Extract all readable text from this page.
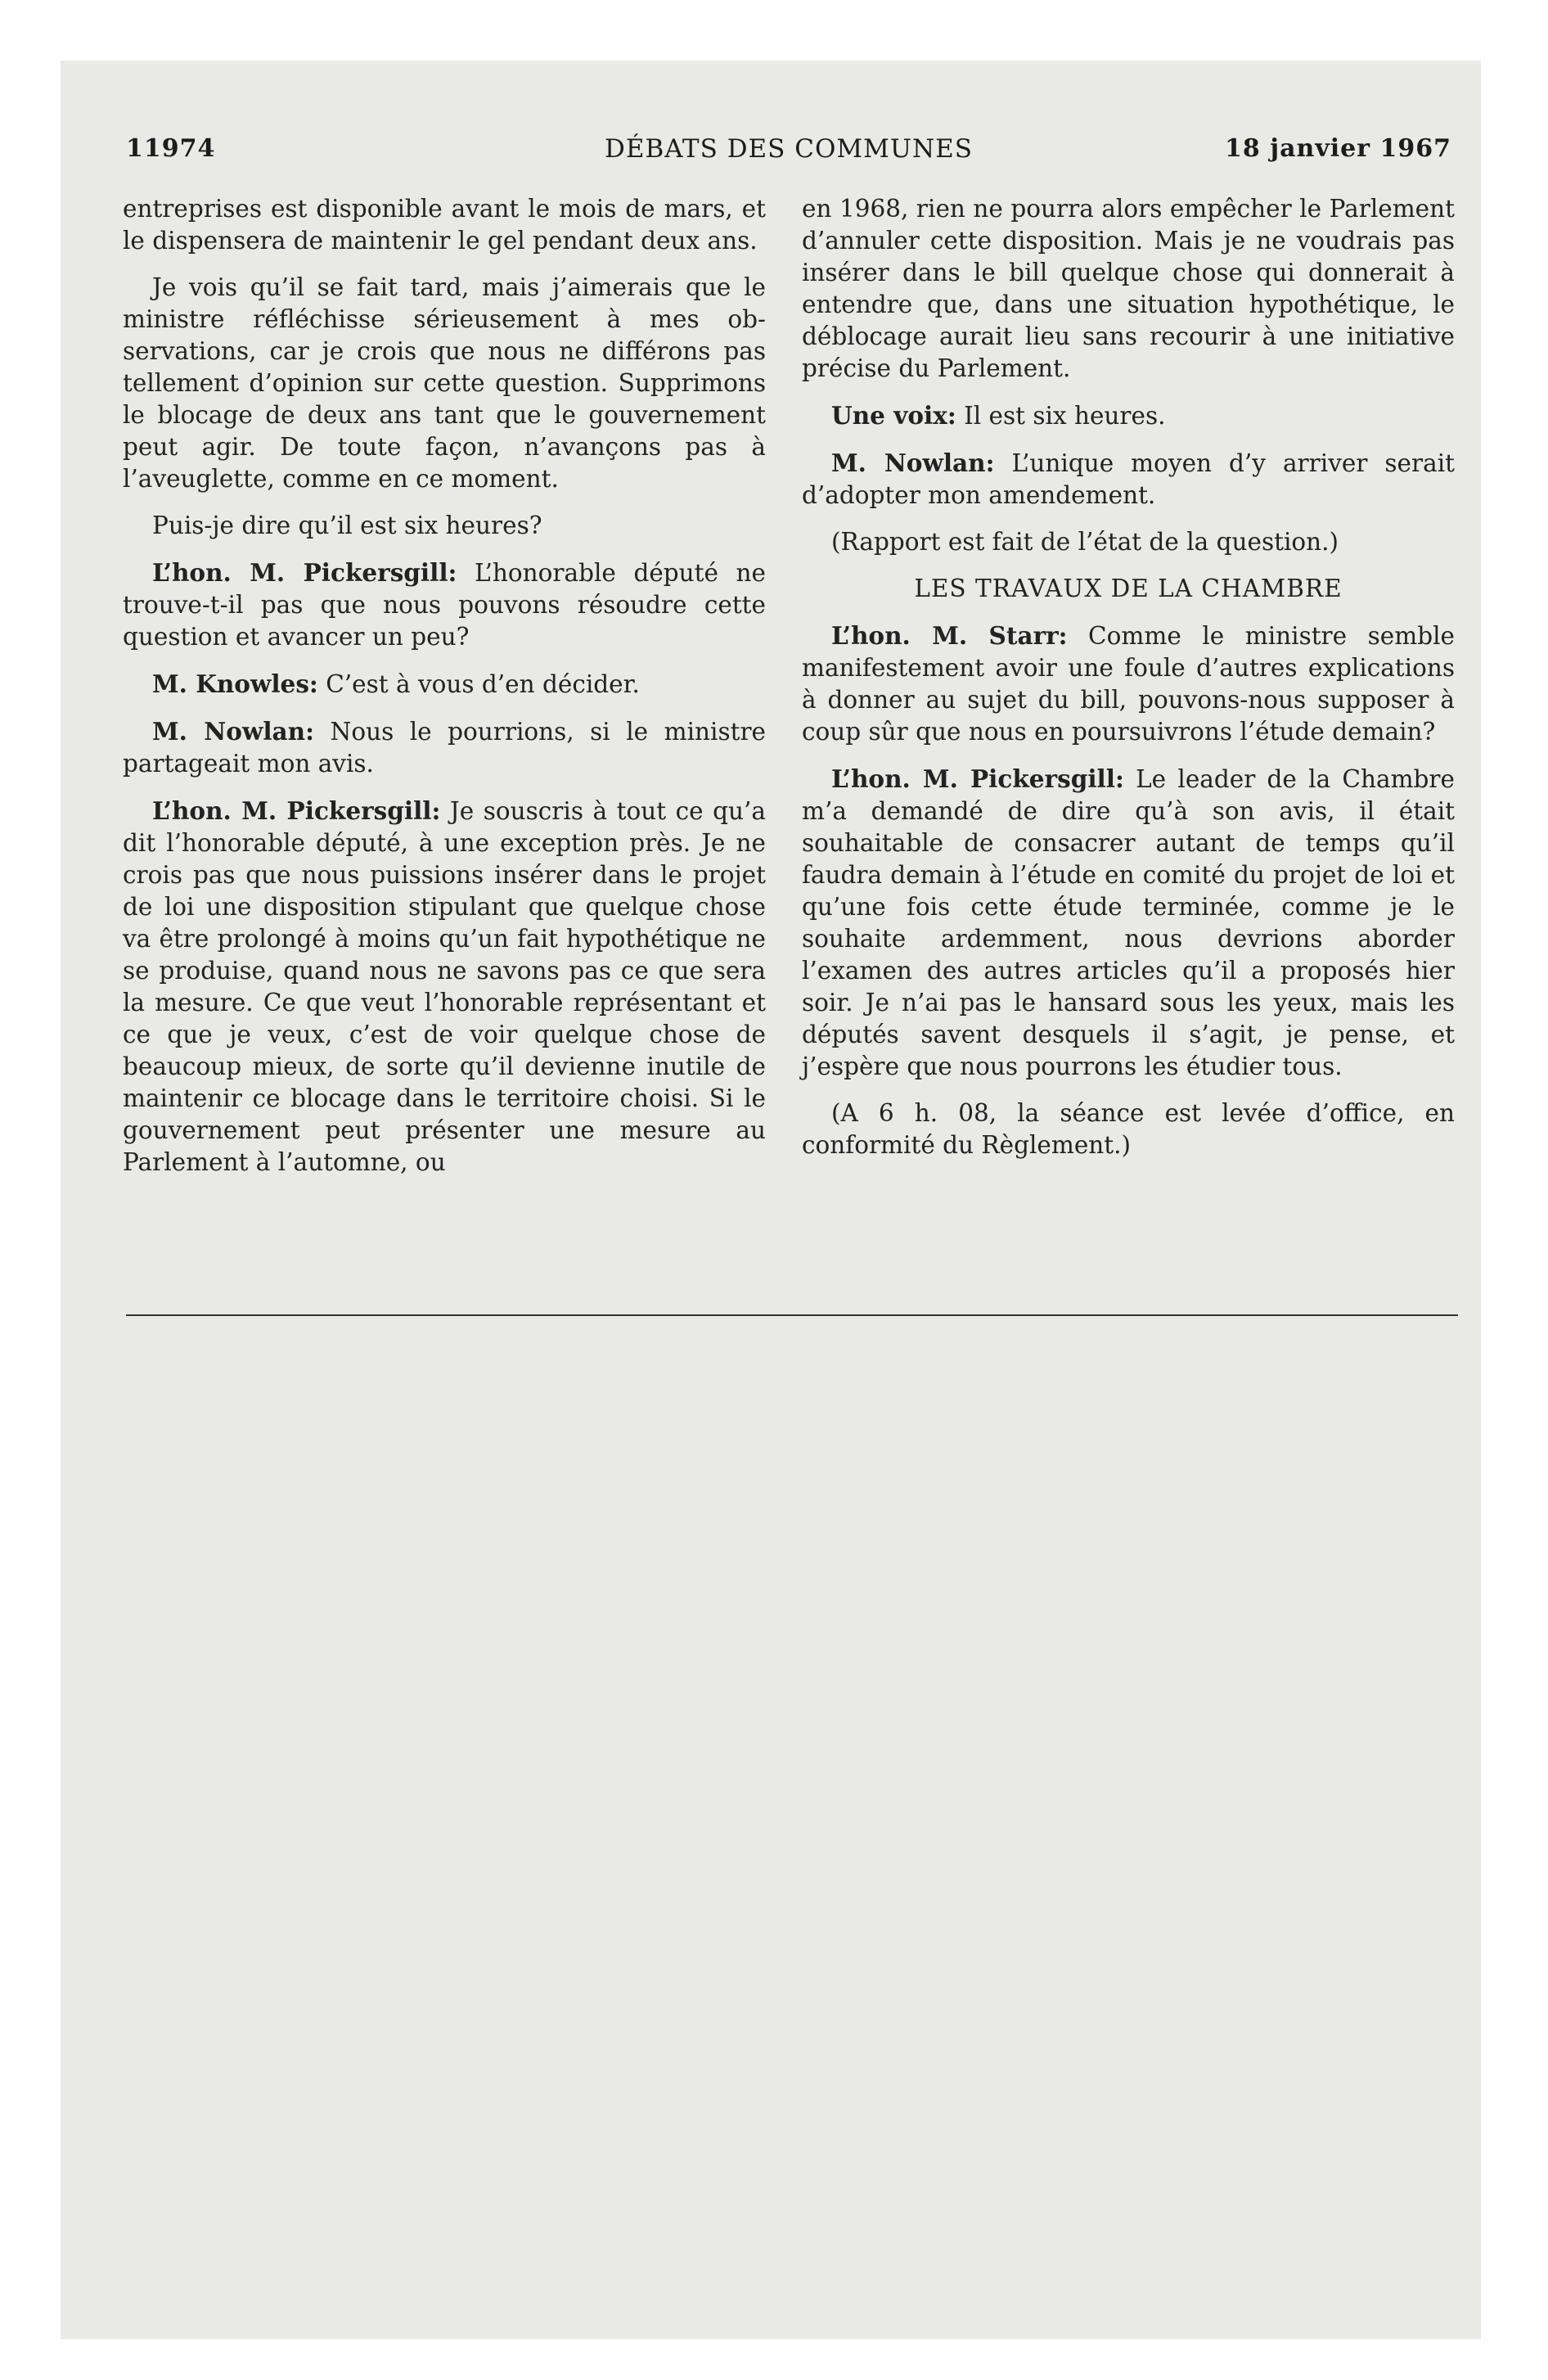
11974	DÉBATS DES COMMUNES	18 janvier 1967

entreprises est disponible avant le mois de mars, et le dispensera de maintenir le gel pendant deux ans.

Je vois qu’il se fait tard, mais j’aimerais que le ministre réfléchisse sérieusement à mes observations, car je crois que nous ne différons pas tellement d’opinion sur cette question. Supprimons le blocage de deux ans tant que le gouvernement peut agir. De toute façon, n’avançons pas à l’aveuglette, comme en ce moment.

Puis-je dire qu’il est six heures?

L’hon. M. Pickersgill: L’honorable député ne trouve-t-il pas que nous pouvons résoudre cette question et avancer un peu?

M. Knowles: C’est à vous d’en décider.

M. Nowlan: Nous le pourrions, si le ministre partageait mon avis.

L’hon. M. Pickersgill: Je souscris à tout ce qu’a dit l’honorable député, à une exception près. Je ne crois pas que nous puissions insérer dans le projet de loi une disposition stipulant que quelque chose va être prolongé à moins qu’un fait hypothétique ne se produise, quand nous ne savons pas ce que sera la mesure. Ce que veut l’honorable représentant et ce que je veux, c’est de voir quelque chose de beaucoup mieux, de sorte qu’il devienne inutile de maintenir ce blocage dans le territoire choisi. Si le gouvernement peut présenter une mesure au Parlement à l’automne, ou

en 1968, rien ne pourra alors empêcher le Parlement d’annuler cette disposition. Mais je ne voudrais pas insérer dans le bill quelque chose qui donnerait à entendre que, dans une situation hypothétique, le déblocage aurait lieu sans recourir à une initiative précise du Parlement.

Une voix: Il est six heures.

M. Nowlan: L’unique moyen d’y arriver serait d’adopter mon amendement.

(Rapport est fait de l’état de la question.)

LES TRAVAUX DE LA CHAMBRE

L’hon. M. Starr: Comme le ministre semble manifestement avoir une foule d’autres explications à donner au sujet du bill, pouvons-nous supposer à coup sûr que nous en poursuivrons l’étude demain?

L’hon. M. Pickersgill: Le leader de la Chambre m’a demandé de dire qu’à son avis, il était souhaitable de consacrer autant de temps qu’il faudra demain à l’étude en comité du projet de loi et qu’une fois cette étude terminée, comme je le souhaite ardemment, nous devrions aborder l’examen des autres articles qu’il a proposés hier soir. Je n’ai pas le hansard sous les yeux, mais les députés savent desquels il s’agit, je pense, et j’espère que nous pourrons les étudier tous.

(A 6 h. 08, la séance est levée d’office, en conformité du Règlement.)
